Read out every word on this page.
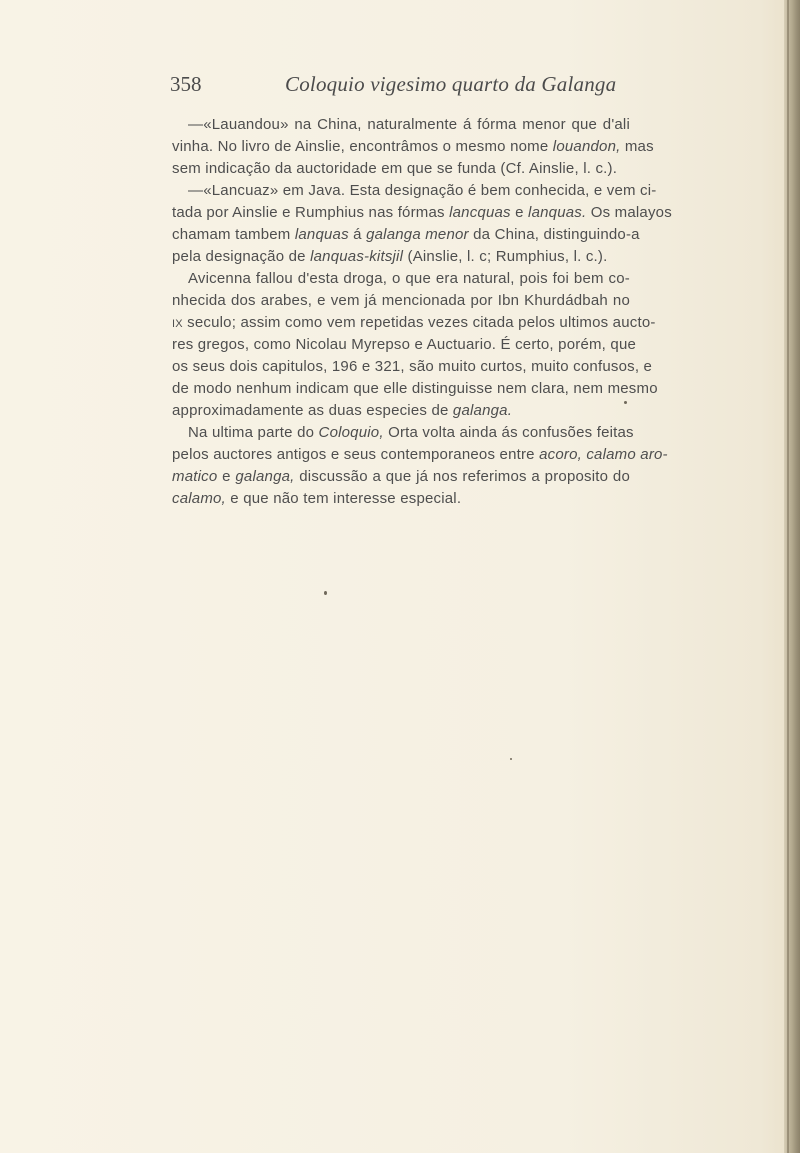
358	Coloquio vigesimo quarto da Galanga
—«Lauandou» na China, naturalmente á fórma menor que d'ali
vinha. No livro de Ainslie, encontrâmos o mesmo nome louandon, mas
sem indicação da auctoridade em que se funda (Cf. Ainslie, l. c.).
—«Lancuaz» em Java. Esta designação é bem conhecida, e vem ci-
tada por Ainslie e Rumphius nas fórmas lancquas e lanquas. Os malayos
chamam tambem lanquas á galanga menor da China, distinguindo-a
pela designação de lanquas-kitsjil (Ainslie, l. c; Rumphius, l. c.).
Avicenna fallou d'esta droga, o que era natural, pois foi bem co-
nhecida dos arabes, e vem já mencionada por Ibn Khurdádbah no
ix seculo; assim como vem repetidas vezes citada pelos ultimos aucto-
res gregos, como Nicolau Myrepso e Auctuario. É certo, porém, que
os seus dois capitulos, 196 e 321, são muito curtos, muito confusos, e
de modo nenhum indicam que elle distinguisse nem clara, nem mesmo
approximadamente as duas especies de galanga.
Na ultima parte do Coloquio, Orta volta ainda ás confusões feitas
pelos auctores antigos e seus contemporaneos entre acoro, calamo aro-
matico e galanga, discussão a que já nos referimos a proposito do
calamo, e que não tem interesse especial.
